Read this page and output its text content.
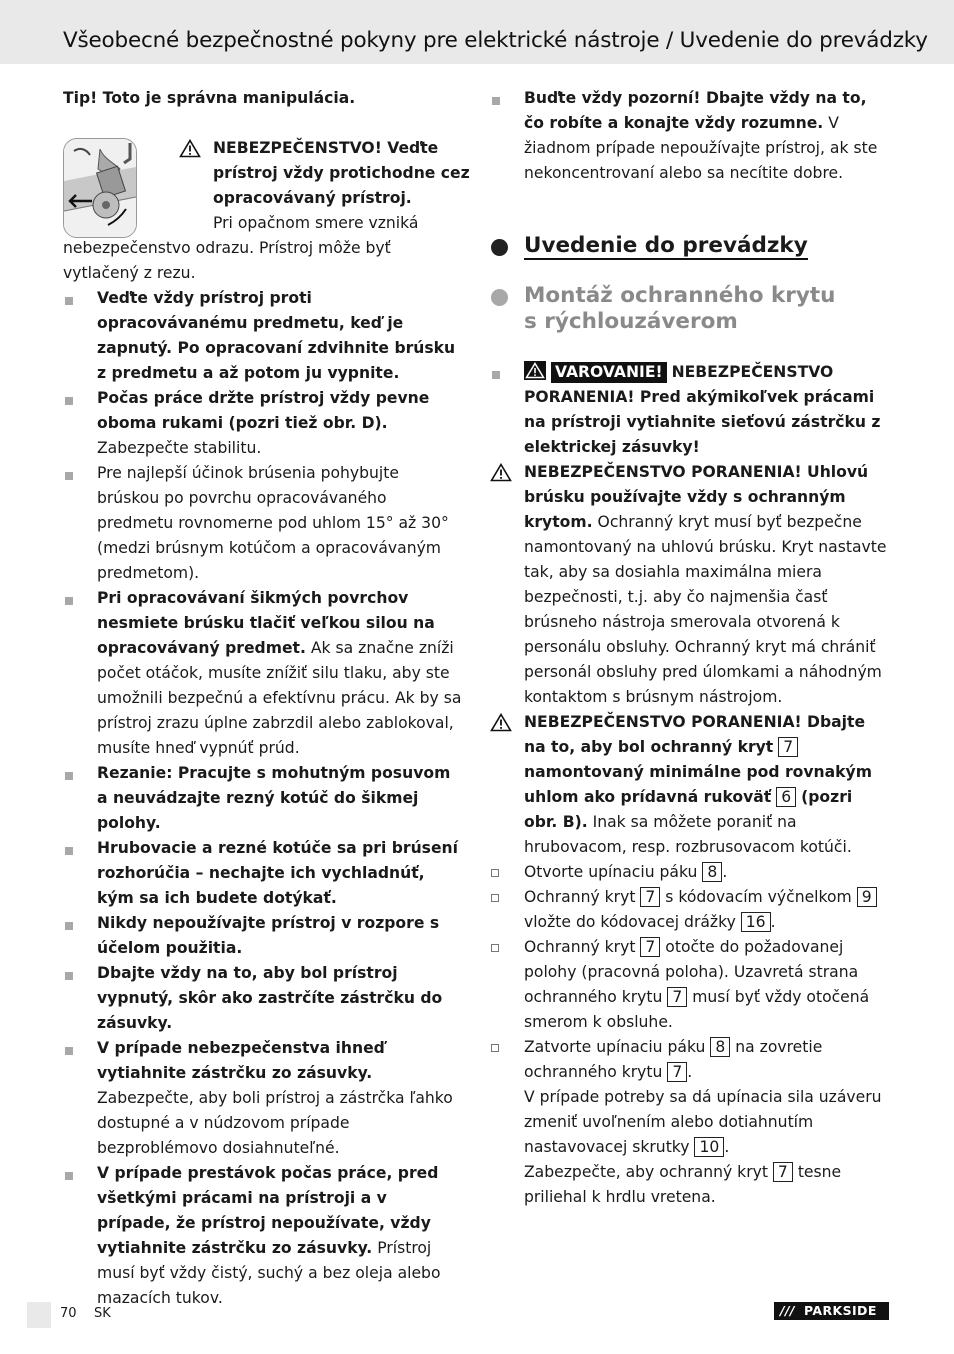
Všeobecné bezpečnostné pokyny pre elektrické nástroje / Uvedenie do prevádzky

Tip! Toto je správna manipulácia.

NEBEZPEČENSTVO! Veďte prístroj vždy protichodne cez opracovávaný prístroj.

Pri opačnom smere vzniká nebezpečenstvo odrazu. Prístroj môže byť vytlačený z rezu.

Veďte vždy prístroj proti opracovávanému predmetu, keď je zapnutý. Po opracovaní zdvihnite brúsku z predmetu a až potom ju vypnite.
Počas práce držte prístroj vždy pevne oboma rukami (pozri tiež obr. D). Zabezpečte stabilitu.
Pre najlepší účinok brúsenia pohybujte brúskou po povrchu opracovávaného predmetu rovnomerne pod uhlom 15° až 30° (medzi brúsnym kotúčom a opracovávaným predmetom).
Pri opracovávaní šikmých povrchov nesmiete brúsku tlačiť veľkou silou na opracovávaný predmet. Ak sa značne zníži počet otáčok, musíte znížiť silu tlaku, aby ste umožnili bezpečnú a efektívnu prácu. Ak by sa prístroj zrazu úplne zabrzdil alebo zablokoval, musíte hneď vypnúť prúd.
Rezanie: Pracujte s mohutným posuvom a neuvádzajte rezný kotúč do šikmej polohy.
Hrubovacie a rezné kotúče sa pri brúsení rozhorúčia – nechajte ich vychladnúť, kým sa ich budete dotýkať.
Nikdy nepoužívajte prístroj v rozpore s účelom použitia.
Dbajte vždy na to, aby bol prístroj vypnutý, skôr ako zastrčíte zástrčku do zásuvky.
V prípade nebezpečenstva ihneď vytiahnite zástrčku zo zásuvky. Zabezpečte, aby boli prístroj a zástrčka ľahko dostupné a v núdzovom prípade bezproblémovo dosiahnuteľné.
V prípade prestávok počas práce, pred všetkými prácami na prístroji a v prípade, že prístroj nepoužívate, vždy vytiahnite zástrčku zo zásuvky. Prístroj musí byť vždy čistý, suchý a bez oleja alebo mazacích tukov.
Buďte vždy pozorní! Dbajte vždy na to, čo robíte a konajte vždy rozumne. V žiadnom prípade nepoužívajte prístroj, ak ste nekoncentrovaní alebo sa necítite dobre.
Uvedenie do prevádzky
Montáž ochranného krytu s rýchlouzáverom
VAROVANIE! NEBEZPEČENSTVO PORANENIA! Pred akýmikoľvek prácami na prístroji vytiahnite sieťovú zástrčku z elektrickej zásuvky!
NEBEZPEČENSTVO PORANENIA! Uhlovú brúsku používajte vždy s ochranným krytom. Ochranný kryt musí byť bezpečne namontovaný na uhlovú brúsku. Kryt nastavte tak, aby sa dosiahla maximálna miera bezpečnosti, t.j. aby čo najmenšia časť brúsneho nástroja smerovala otvorená k personálu obsluhy. Ochranný kryt má chrániť personál obsluhy pred úlomkami a náhodným kontaktom s brúsnym nástrojom.
NEBEZPEČENSTVO PORANENIA! Dbajte na to, aby bol ochranný kryt 7 namontovaný minimálne pod rovnakým uhlom ako prídavná rukoväť 6 (pozri obr. B). Inak sa môžete poraniť na hrubovacom, resp. rozbrusovacom kotúči.
Otvorte upínaciu páku 8 .
Ochranný kryt 7 s kódovacím výčnelkom 9 vložte do kódovacej drážky 16 .
Ochranný kryt 7 otočte do požadovanej polohy (pracovná poloha). Uzavretá strana ochranného krytu 7 musí byť vždy otočená smerom k obsluhe.
Zatvorte upínaciu páku 8 na zovretie ochranného krytu 7 .
V prípade potreby sa dá upínacia sila uzáveru zmeniť uvoľnením alebo dotiahnutím nastavovacej skrutky 10 .
Zabezpečte, aby ochranný kryt 7 tesne priliehal k hrdlu vretena.
70 SK	/// PARKSIDE
